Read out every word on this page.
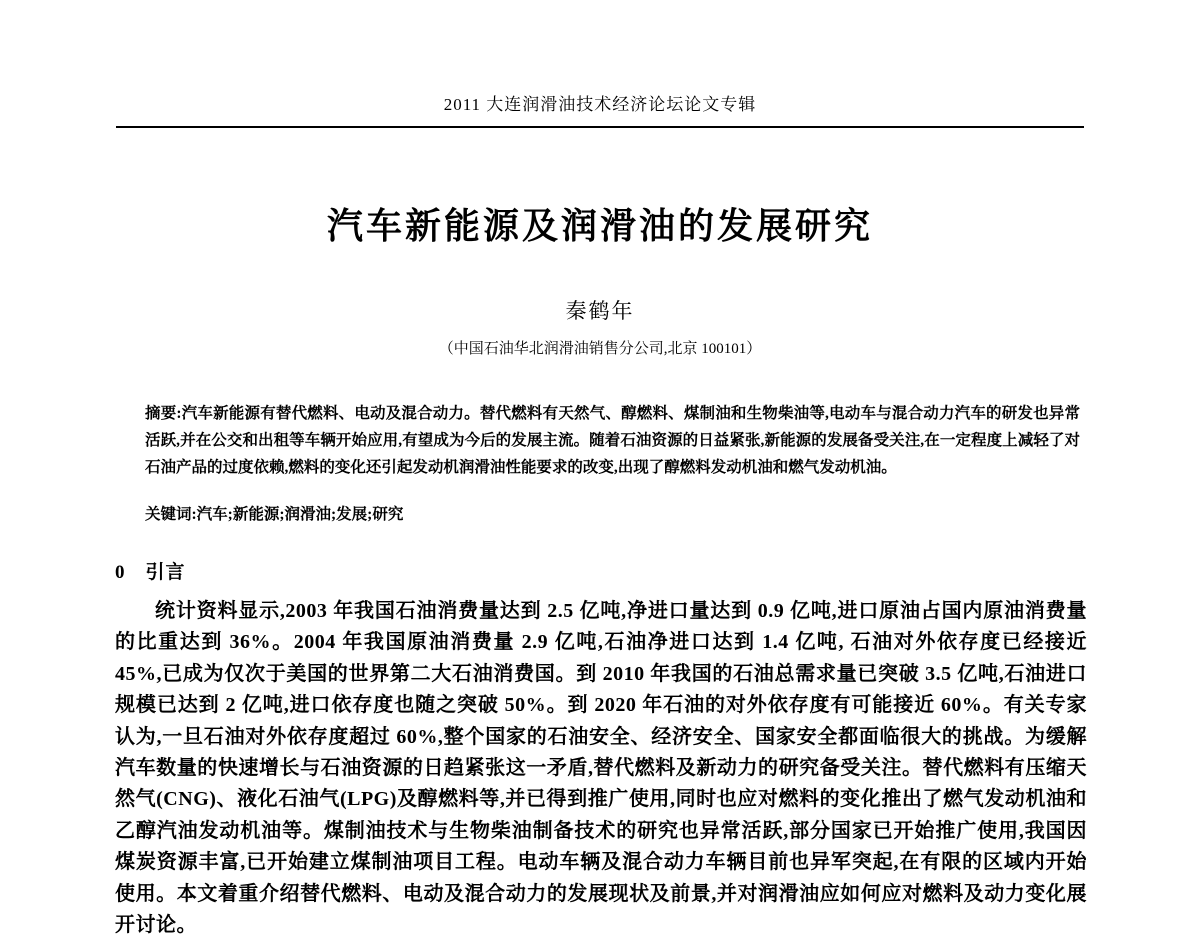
2011 大连润滑油技术经济论坛论文专辑
汽车新能源及润滑油的发展研究
秦鹤年
（中国石油华北润滑油销售分公司,北京 100101）

摘要:汽车新能源有替代燃料、电动及混合动力。替代燃料有天然气、醇燃料、煤制油和生物柴油等,电动车与混合动力汽车的研发也异常活跃,并在公交和出租等车辆开始应用,有望成为今后的发展主流。随着石油资源的日益紧张,新能源的发展备受关注,在一定程度上减轻了对石油产品的过度依赖,燃料的变化还引起发动机润滑油性能要求的改变,出现了醇燃料发动机油和燃气发动机油。

关键词:汽车;新能源;润滑油;发展;研究

0 引言

统计资料显示,2003 年我国石油消费量达到 2.5 亿吨,净进口量达到 0.9 亿吨,进口原油占国内原油消费量的比重达到 36%。2004 年我国原油消费量 2.9 亿吨,石油净进口达到 1.4 亿吨, 石油对外依存度已经接近 45%,已成为仅次于美国的世界第二大石油消费国。到 2010 年我国的石油总需求量已突破 3.5 亿吨,石油进口规模已达到 2 亿吨,进口依存度也随之突破 50%。到 2020 年石油的对外依存度有可能接近 60%。有关专家认为,一旦石油对外依存度超过 60%,整个国家的石油安全、经济安全、国家安全都面临很大的挑战。为缓解汽车数量的快速增长与石油资源的日趋紧张这一矛盾,替代燃料及新动力的研究备受关注。替代燃料有压缩天然气(CNG)、液化石油气(LPG)及醇燃料等,并已得到推广使用,同时也应对燃料的变化推出了燃气发动机油和乙醇汽油发动机油等。煤制油技术与生物柴油制备技术的研究也异常活跃,部分国家已开始推广使用,我国因煤炭资源丰富,已开始建立煤制油项目工程。电动车辆及混合动力车辆目前也异军突起,在有限的区域内开始使用。本文着重介绍替代燃料、电动及混合动力的发展现状及前景,并对润滑油应如何应对燃料及动力变化展开讨论。
